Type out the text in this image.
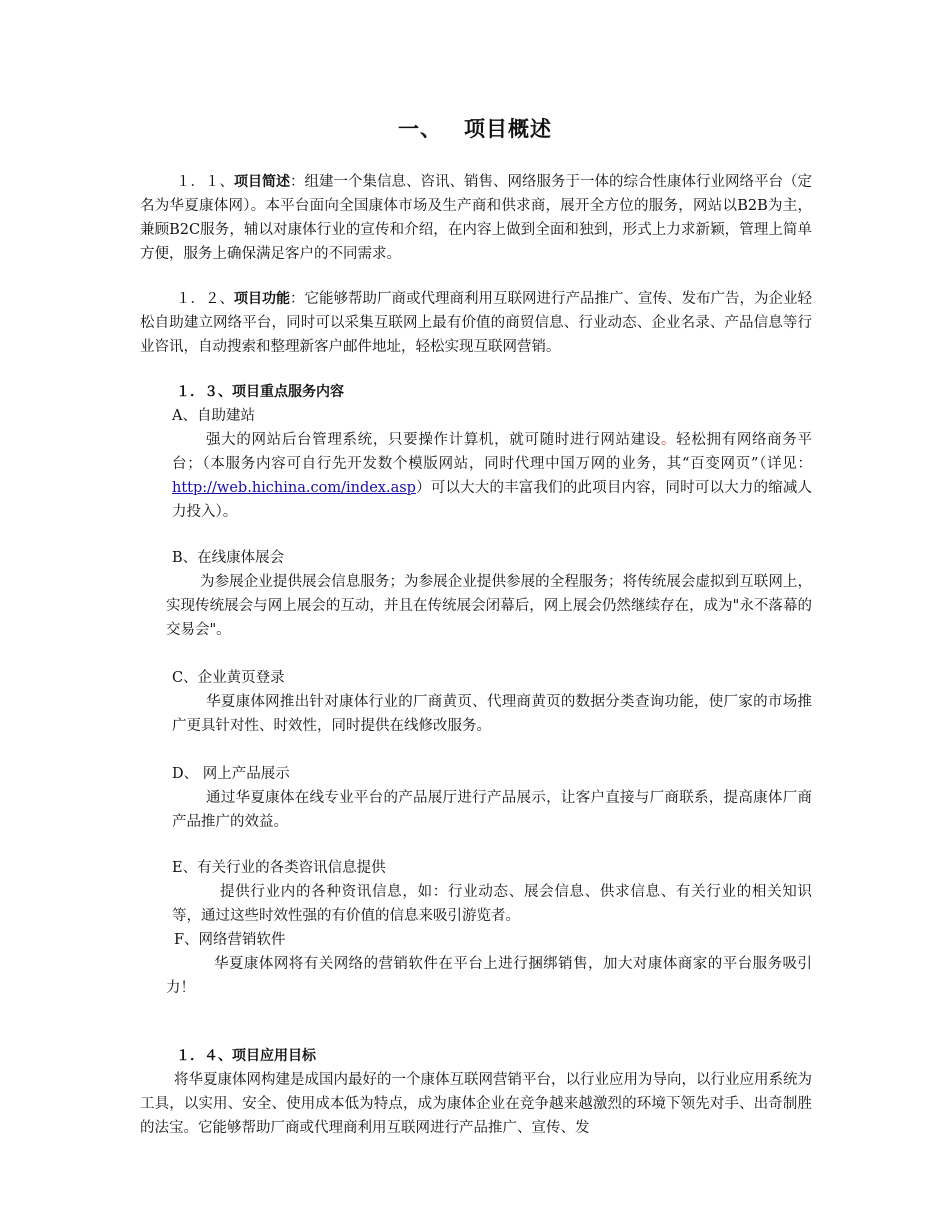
一、 项目概述
１．１、项目简述：组建一个集信息、咨讯、销售、网络服务于一体的综合性康体行业网络平台（定名为华夏康体网）。本平台面向全国康体市场及生产商和供求商，展开全方位的服务，网站以B2B为主，兼顾B2C服务，辅以对康体行业的宣传和介绍，在内容上做到全面和独到，形式上力求新颖，管理上简单方便，服务上确保满足客户的不同需求。
１．２、项目功能：它能够帮助厂商或代理商利用互联网进行产品推广、宣传、发布广告，为企业轻松自助建立网络平台，同时可以采集互联网上最有价值的商贸信息、行业动态、企业名录、产品信息等行业咨讯，自动搜索和整理新客户邮件地址，轻松实现互联网营销。
１．３、项目重点服务内容
A、自助建站
强大的网站后台管理系统，只要操作计算机，就可随时进行网站建设。轻松拥有网络商务平台；（本服务内容可自行先开发数个模版网站，同时代理中国万网的业务，其“百变网页”（详见：http://web.hichina.com/index.asp）可以大大的丰富我们的此项目内容，同时可以大力的缩减人力投入）。
B、在线康体展会
为参展企业提供展会信息服务；为参展企业提供参展的全程服务；将传统展会虚拟到互联网上，实现传统展会与网上展会的互动，并且在传统展会闭幕后，网上展会仍然继续存在，成为"永不落幕的交易会"。
C、企业黄页登录
华夏康体网推出针对康体行业的厂商黄页、代理商黄页的数据分类查询功能，使厂家的市场推广更具针对性、时效性，同时提供在线修改服务。
D、 网上产品展示
通过华夏康体在线专业平台的产品展厅进行产品展示，让客户直接与厂商联系，提高康体厂商产品推广的效益。
E、有关行业的各类咨讯信息提供
提供行业内的各种资讯信息，如：行业动态、展会信息、供求信息、有关行业的相关知识等，通过这些时效性强的有价值的信息来吸引游览者。
F、网络营销软件
华夏康体网将有关网络的营销软件在平台上进行捆绑销售，加大对康体商家的平台服务吸引力！
１．４、项目应用目标
将华夏康体网构建是成国内最好的一个康体互联网营销平台，以行业应用为导向，以行业应用系统为工具，以实用、安全、使用成本低为特点，成为康体企业在竞争越来越激烈的环境下领先对手、出奇制胜的法宝。它能够帮助厂商或代理商利用互联网进行产品推广、宣传、发
